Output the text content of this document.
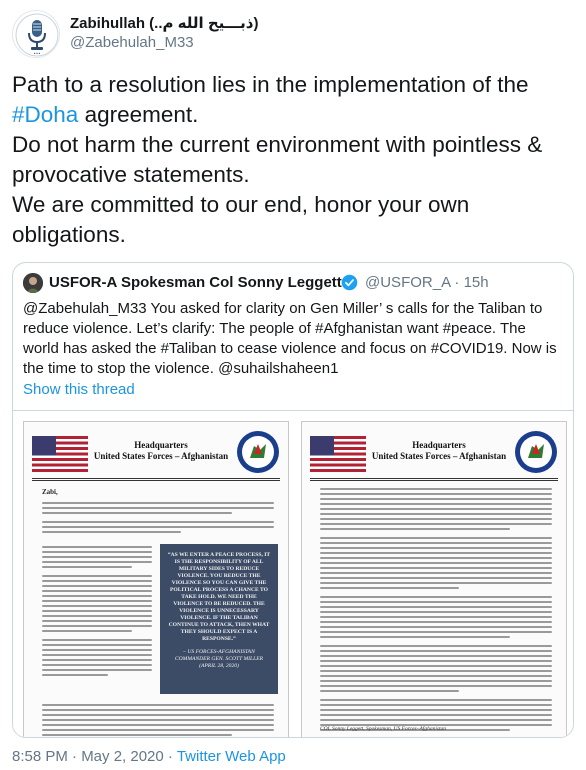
•••
Zabihullah (..ذبـــيح الله م)
@Zabehulah_M33

Path to a resolution lies in the implementation of the #Doha agreement.

Do not harm the current environment with pointless & provocative statements.

We are committed to our end, honor your own obligations.

USFOR-A Spokesman Col Sonny Leggett @USFOR_A · 15h
@Zabehulah_M33 You asked for clarity on Gen Miller’ s calls for the Taliban to reduce violence. Let’s clarify: The people of #Afghanistan want #peace. The world has asked the #Taliban to cease violence and focus on #COVID19. Now is the time to stop the violence. @suhailshaheen1
Show this thread
Headquarters
United States Forces – Afghanistan
Zabi,
“AS WE ENTER A PEACE PROCESS, IT IS THE RESPONSIBILITY OF ALL MILITARY SIDES TO REDUCE VIOLENCE. YOU REDUCE THE VIOLENCE SO YOU CAN GIVE THE POLITICAL PROCESS A CHANCE TO TAKE HOLD. WE NEED THE VIOLENCE TO BE REDUCED. THE VIOLENCE IS UNNECESSARY VIOLENCE. IF THE TALIBAN CONTINUE TO ATTACK, THEN WHAT THEY SHOULD EXPECT IS A RESPONSE.”
– US FORCES-AFGHANISTAN COMMANDER GEN. SCOTT MILLER (APRIL 28, 2020)
Headquarters
United States Forces – Afghanistan
COL Sonny Leggett, Spokesman, US Forces–Afghanistan
8:58 PM · May 2, 2020 · Twitter Web App
